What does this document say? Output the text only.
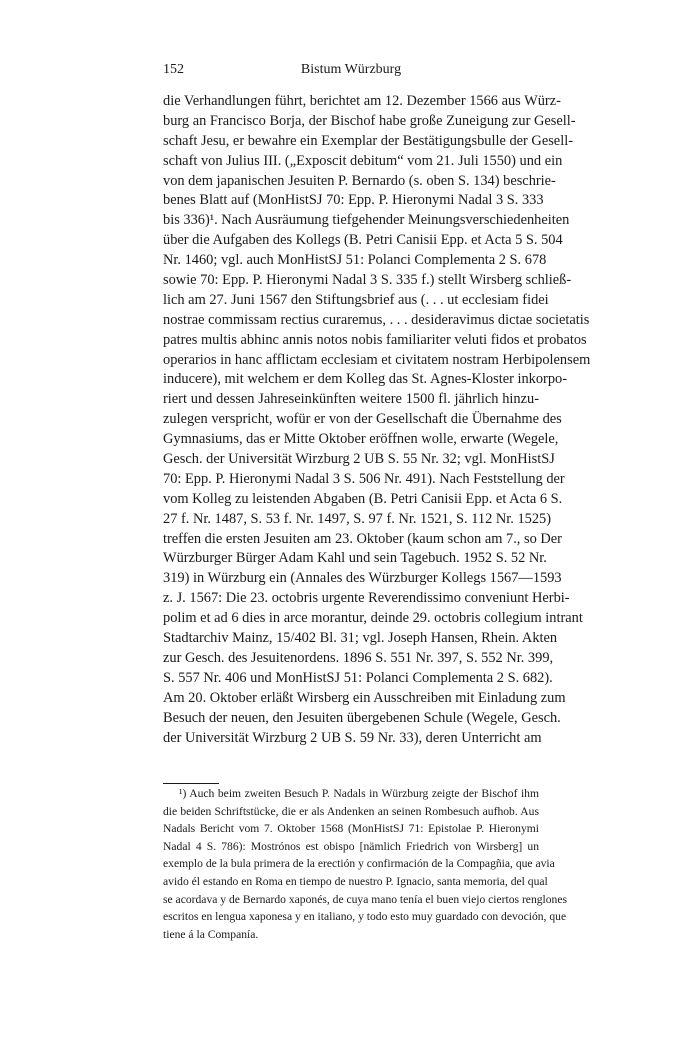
152	Bistum Würzburg
die Verhandlungen führt, berichtet am 12. Dezember 1566 aus Würz-
burg an Francisco Borja, der Bischof habe große Zuneigung zur Gesell-
schaft Jesu, er bewahre ein Exemplar der Bestätigungsbulle der Gesell-
schaft von Julius III. („Exposcit debitum“ vom 21. Juli 1550) und ein
von dem japanischen Jesuiten P. Bernardo (s. oben S. 134) beschrie-
benes Blatt auf (MonHistSJ 70: Epp. P. Hieronymi Nadal 3 S. 333
bis 336)¹. Nach Ausräumung tiefgehender Meinungsverschiedenheiten
über die Aufgaben des Kollegs (B. Petri Canisii Epp. et Acta 5 S. 504
Nr. 1460; vgl. auch MonHistSJ 51: Polanci Complementa 2 S. 678
sowie 70: Epp. P. Hieronymi Nadal 3 S. 335 f.) stellt Wirsberg schließ-
lich am 27. Juni 1567 den Stiftungsbrief aus (. . . ut ecclesiam fidei
nostrae commissam rectius curaremus, . . . desideravimus dictae societatis
patres multis abhinc annis notos nobis familiariter veluti fidos et probatos
operarios in hanc afflictam ecclesiam et civitatem nostram Herbipolensem
inducere), mit welchem er dem Kolleg das St. Agnes-Kloster inkorpo-
riert und dessen Jahreseinkünften weitere 1500 fl. jährlich hinzu-
zulegen verspricht, wofür er von der Gesellschaft die Übernahme des
Gymnasiums, das er Mitte Oktober eröffnen wolle, erwarte (Wegele,
Gesch. der Universität Wirzburg 2 UB S. 55 Nr. 32; vgl. MonHistSJ
70: Epp. P. Hieronymi Nadal 3 S. 506 Nr. 491). Nach Feststellung der
vom Kolleg zu leistenden Abgaben (B. Petri Canisii Epp. et Acta 6 S.
27 f. Nr. 1487, S. 53 f. Nr. 1497, S. 97 f. Nr. 1521, S. 112 Nr. 1525)
treffen die ersten Jesuiten am 23. Oktober (kaum schon am 7., so Der
Würzburger Bürger Adam Kahl und sein Tagebuch. 1952 S. 52 Nr.
319) in Würzburg ein (Annales des Würzburger Kollegs 1567—1593
z. J. 1567: Die 23. octobris urgente Reverendissimo conveniunt Herbi-
polim et ad 6 dies in arce morantur, deinde 29. octobris collegium intrant
Stadtarchiv Mainz, 15/402 Bl. 31; vgl. Joseph Hansen, Rhein. Akten
zur Gesch. des Jesuitenordens. 1896 S. 551 Nr. 397, S. 552 Nr. 399,
S. 557 Nr. 406 und MonHistSJ 51: Polanci Complementa 2 S. 682).
Am 20. Oktober erläßt Wirsberg ein Ausschreiben mit Einladung zum
Besuch der neuen, den Jesuiten übergebenen Schule (Wegele, Gesch.
der Universität Wirzburg 2 UB S. 59 Nr. 33), deren Unterricht am
¹) Auch beim zweiten Besuch P. Nadals in Würzburg zeigte der Bischof ihm
die beiden Schriftstücke, die er als Andenken an seinen Rombesuch aufhob. Aus
Nadals Bericht vom 7. Oktober 1568 (MonHistSJ 71: Epistolae P. Hieronymi
Nadal 4 S. 786): Mostrónos est obispo [nämlich Friedrich von Wirsberg] un
exemplo de la bula primera de la erectión y confirmación de la Compagñia, que avia
avido él estando en Roma en tiempo de nuestro P. Ignacio, santa memoria, del qual
se acordava y de Bernardo xaponés, de cuya mano tenía el buen viejo ciertos renglones
escritos en lengua xaponesa y en italiano, y todo esto muy guardado con devoción, que
tiene á la Companía.
